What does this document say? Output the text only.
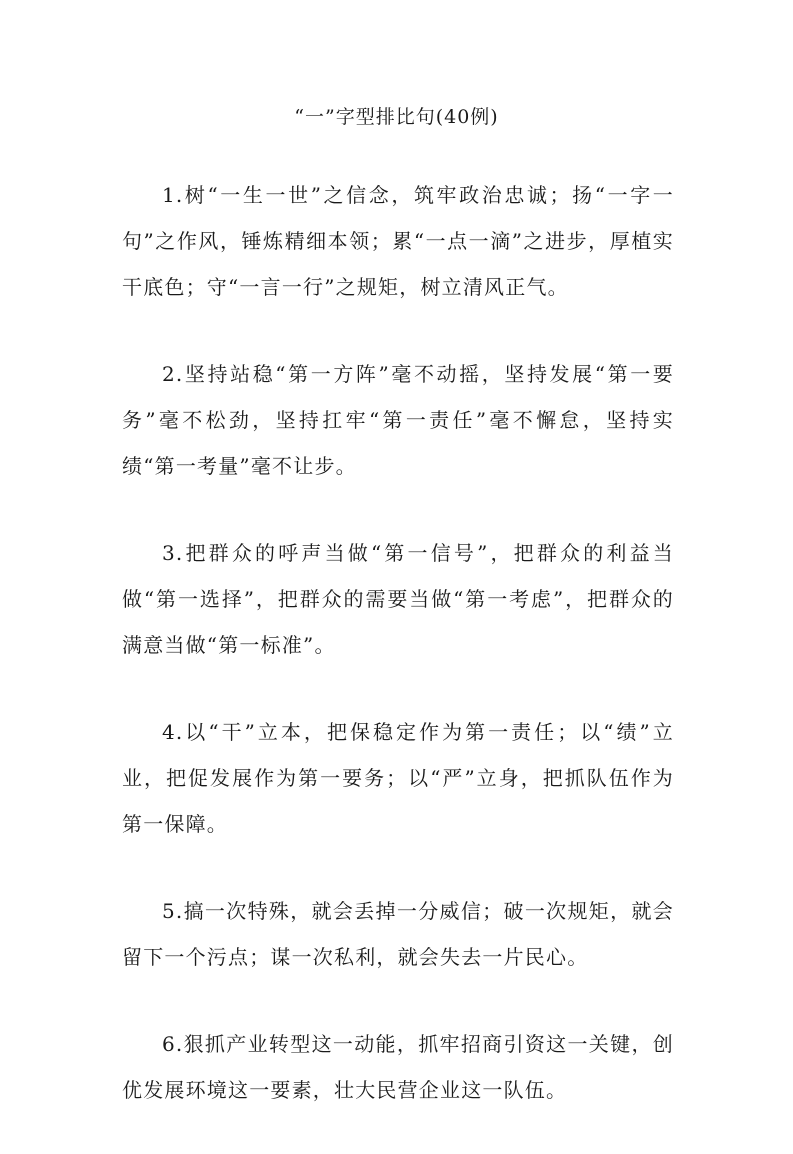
“一”字型排比句(40例)

1.树“一生一世”之信念，筑牢政治忠诚；扬“一字一句”之作风，锤炼精细本领；累“一点一滴”之进步，厚植实干底色；守“一言一行”之规矩，树立清风正气。

2.坚持站稳“第一方阵”毫不动摇，坚持发展“第一要务”毫不松劲，坚持扛牢“第一责任”毫不懈怠，坚持实绩“第一考量”毫不让步。

3.把群众的呼声当做“第一信号”，把群众的利益当做“第一选择”，把群众的需要当做“第一考虑”，把群众的满意当做“第一标准”。

4.以“干”立本，把保稳定作为第一责任；以“绩”立业，把促发展作为第一要务；以“严”立身，把抓队伍作为第一保障。

5.搞一次特殊，就会丢掉一分威信；破一次规矩，就会留下一个污点；谋一次私利，就会失去一片民心。

6.狠抓产业转型这一动能，抓牢招商引资这一关键，创优发展环境这一要素，壮大民营企业这一队伍。
